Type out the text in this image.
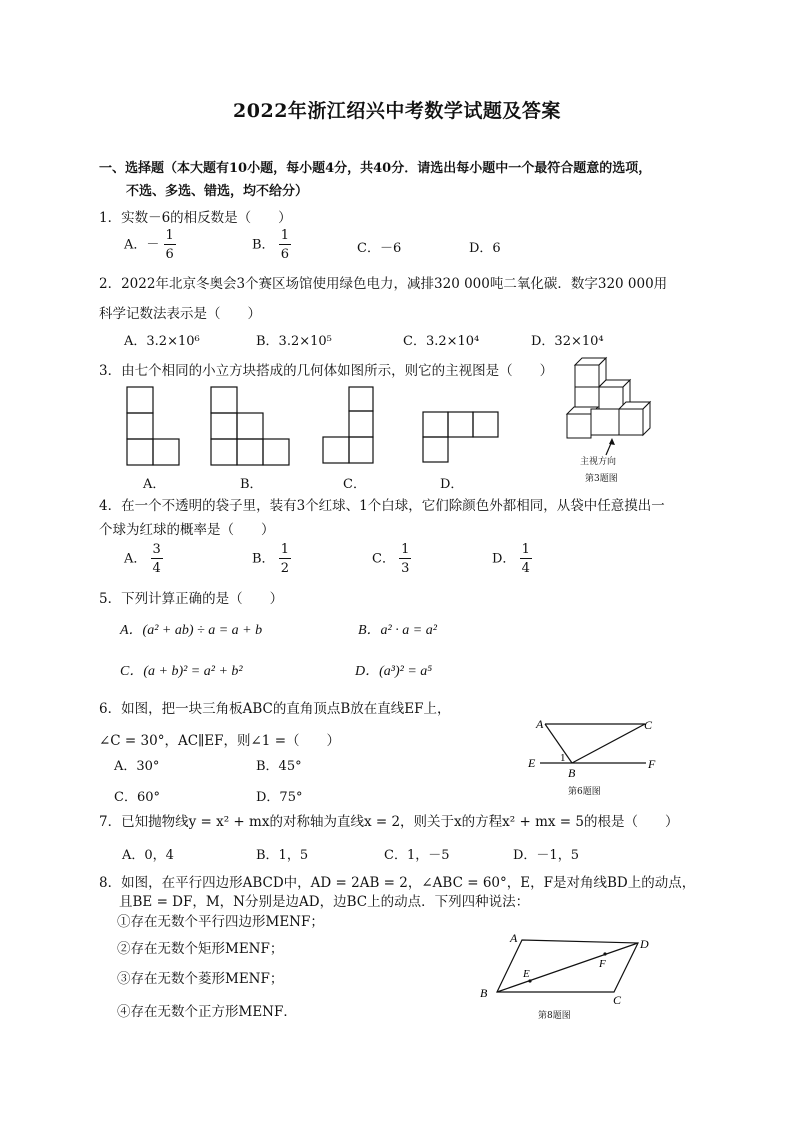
2022年浙江绍兴中考数学试题及答案
一、选择题（本大题有10小题，每小题4分，共40分．请选出每小题中一个最符合题意的选项，
不选、多选、错选，均不给分）
1．实数－6的相反数是（　　）
A．－ $\frac{1}{6}$	B． $\frac{1}{6}$	C．－6	D．6
2．2022年北京冬奥会3个赛区场馆使用绿色电力，减排320 000吨二氧化碳．数字320 000用
科学记数法表示是（　　）
A．3.2×10⁶	B．3.2×10⁵	C．3.2×10⁴	D．32×10⁴
3．由七个相同的小立方块搭成的几何体如图所示，则它的主视图是（　　）
A．	B．	C．	D．
主视方向
第3题图
4．在一个不透明的袋子里，装有3个红球、1个白球，它们除颜色外都相同，从袋中任意摸出一
个球为红球的概率是（　　）
A． $\frac{3}{4}$	B． $\frac{1}{2}$	C． $\frac{1}{3}$	D． $\frac{1}{4}$
5．下列计算正确的是（　　）
A．(a² + ab) ÷ a = a + b	B．a² · a = a²
C．(a + b)² = a² + b²	D．(a³)² = a⁵
6．如图，把一块三角板ABC的直角顶点B放在直线EF上，
∠C = 30°，AC∥EF，则∠1 =（　　）
A．30°	B．45°
C．60°	D．75°
A	C
E
B
F
1
第6题图
7．已知抛物线y = x² + mx的对称轴为直线x = 2，则关于x的方程x² + mx = 5的根是（　　）
A．0，4	B．1，5	C．1，－5	D．－1，5
8．如图，在平行四边形ABCD中，AD = 2AB = 2，∠ABC = 60°，E，F是对角线BD上的动点，
且BE = DF，M，N分别是边AD，边BC上的动点．下列四种说法：
①存在无数个平行四边形MENF；
②存在无数个矩形MENF；
③存在无数个菱形MENF；
④存在无数个正方形MENF．
A	D
E
F
B	C
第8题图
